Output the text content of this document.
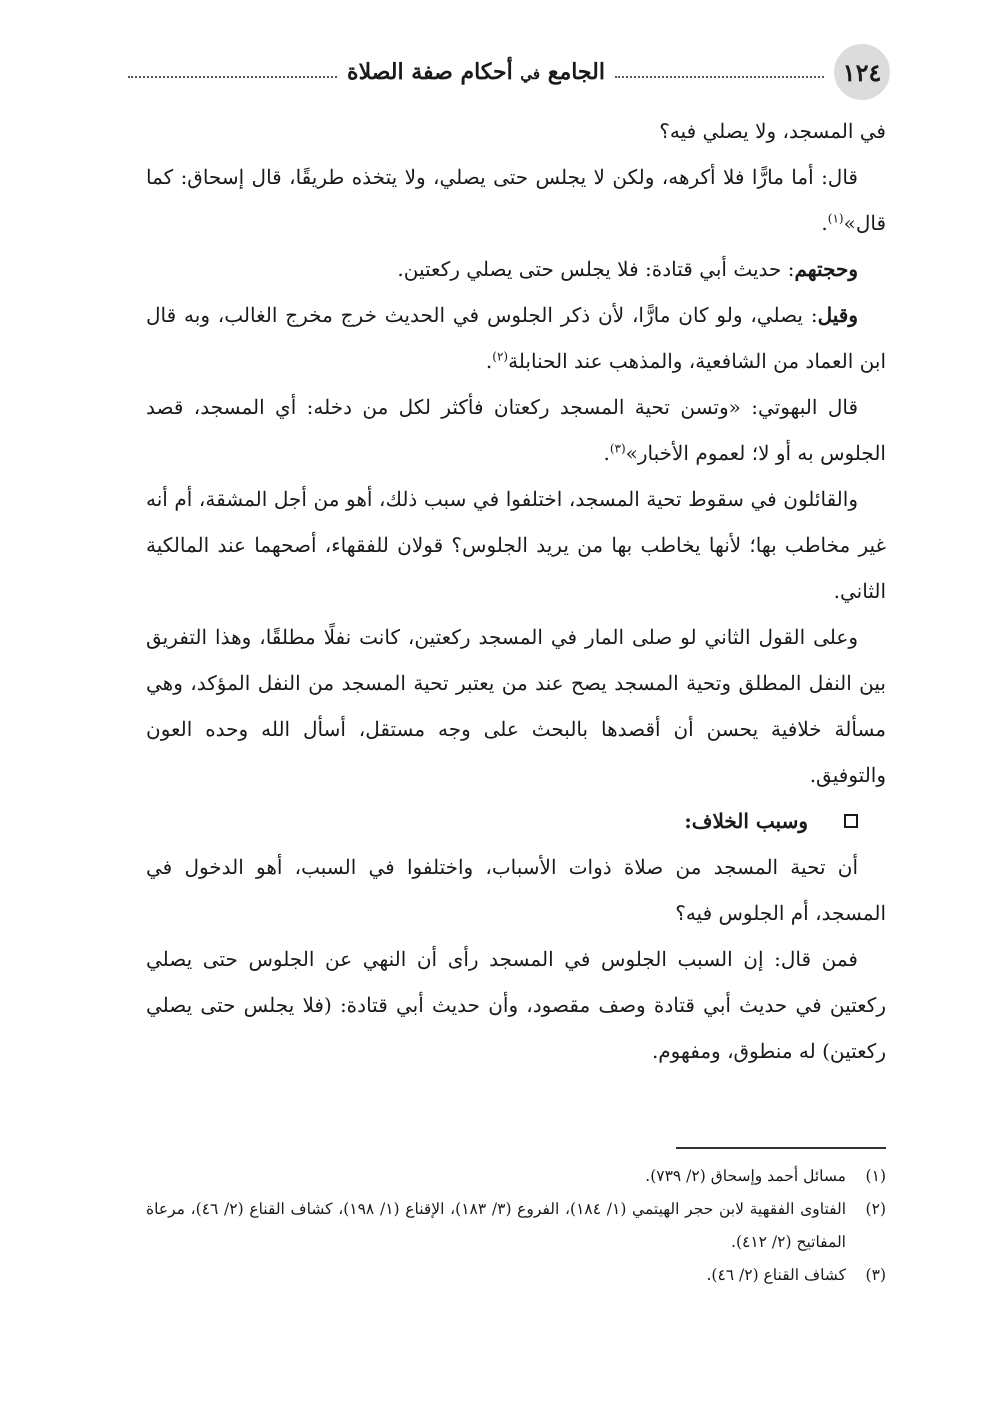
١٢٤
الجامع في أحكام صفة الصلاة

في المسجد، ولا يصلي فيه؟

قال: أما مارًّا فلا أكرهه، ولكن لا يجلس حتى يصلي، ولا يتخذه طريقًا، قال إسحاق: كما قال»$^{(١)}$.

وحجتهم: حديث أبي قتادة: فلا يجلس حتى يصلي ركعتين.

وقيل: يصلي، ولو كان مارًّا، لأن ذكر الجلوس في الحديث خرج مخرج الغالب، وبه قال ابن العماد من الشافعية، والمذهب عند الحنابلة$^{(٢)}$.

قال البهوتي: «وتسن تحية المسجد ركعتان فأكثر لكل من دخله: أي المسجد، قصد الجلوس به أو لا؛ لعموم الأخبار»$^{(٣)}$.

والقائلون في سقوط تحية المسجد، اختلفوا في سبب ذلك، أهو من أجل المشقة، أم أنه غير مخاطب بها؛ لأنها يخاطب بها من يريد الجلوس؟ قولان للفقهاء، أصحهما عند المالكية الثاني.

وعلى القول الثاني لو صلى المار في المسجد ركعتين، كانت نفلًا مطلقًا، وهذا التفريق بين النفل المطلق وتحية المسجد يصح عند من يعتبر تحية المسجد من النفل المؤكد، وهي مسألة خلافية يحسن أن أقصدها بالبحث على وجه مستقل، أسأل الله وحده العون والتوفيق.

وسبب الخلاف:

أن تحية المسجد من صلاة ذوات الأسباب، واختلفوا في السبب، أهو الدخول في المسجد، أم الجلوس فيه؟

فمن قال: إن السبب الجلوس في المسجد رأى أن النهي عن الجلوس حتى يصلي ركعتين في حديث أبي قتادة وصف مقصود، وأن حديث أبي قتادة: (فلا يجلس حتى يصلي ركعتين) له منطوق، ومفهوم.

(١)
مسائل أحمد وإسحاق (٢/ ٧٣٩).
(٢)
الفتاوى الفقهية لابن حجر الهيتمي (١/ ١٨٤)، الفروع (٣/ ١٨٣)، الإقناع (١/ ١٩٨)، كشاف القناع (٢/ ٤٦)، مرعاة المفاتيح (٢/ ٤١٢).
(٣)
كشاف القناع (٢/ ٤٦).
